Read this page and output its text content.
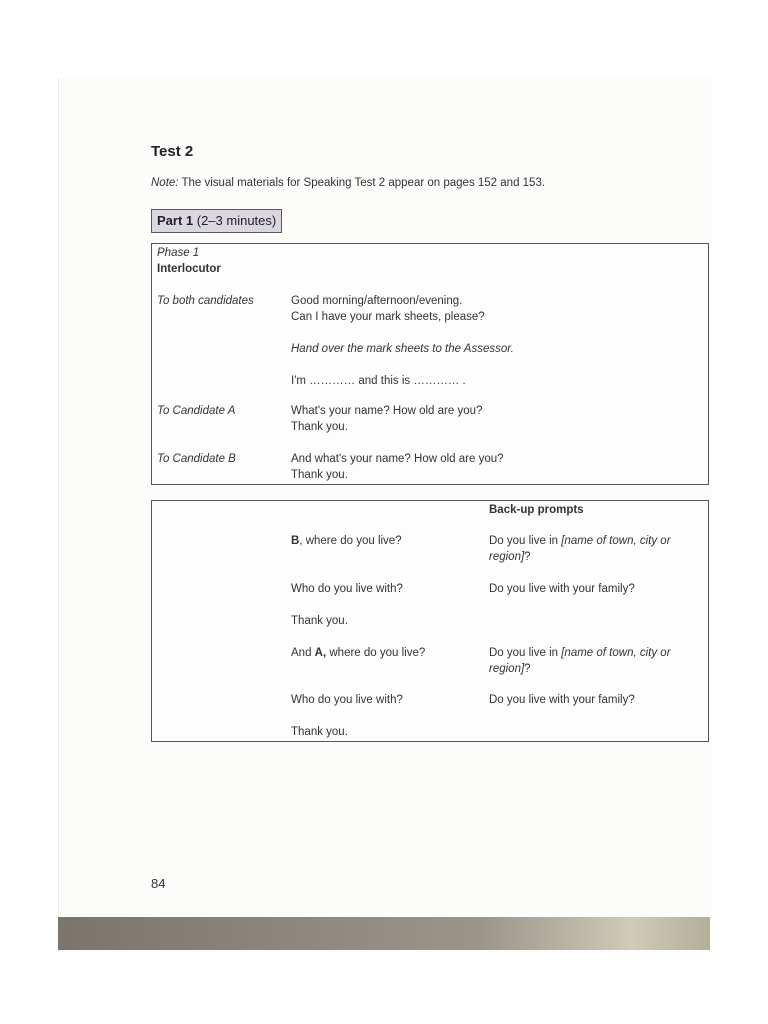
Test 2
Note: The visual materials for Speaking Test 2 appear on pages 152 and 153.
Part 1 (2–3 minutes)
Phase 1
Interlocutor
To both candidates	Good morning/afternoon/evening.
Can I have your mark sheets, please?
Hand over the mark sheets to the Assessor.
I'm ………… and this is ………… .
To Candidate A	What's your name? How old are you?
Thank you.
To Candidate B	And what's your name? How old are you?
Thank you.
Back-up prompts
B, where do you live?	Do you live in [name of town, city or
region]?
Who do you live with?	Do you live with your family?
Thank you.
And A, where do you live?	Do you live in [name of town, city or
region]?
Who do you live with?	Do you live with your family?
Thank you.
84
